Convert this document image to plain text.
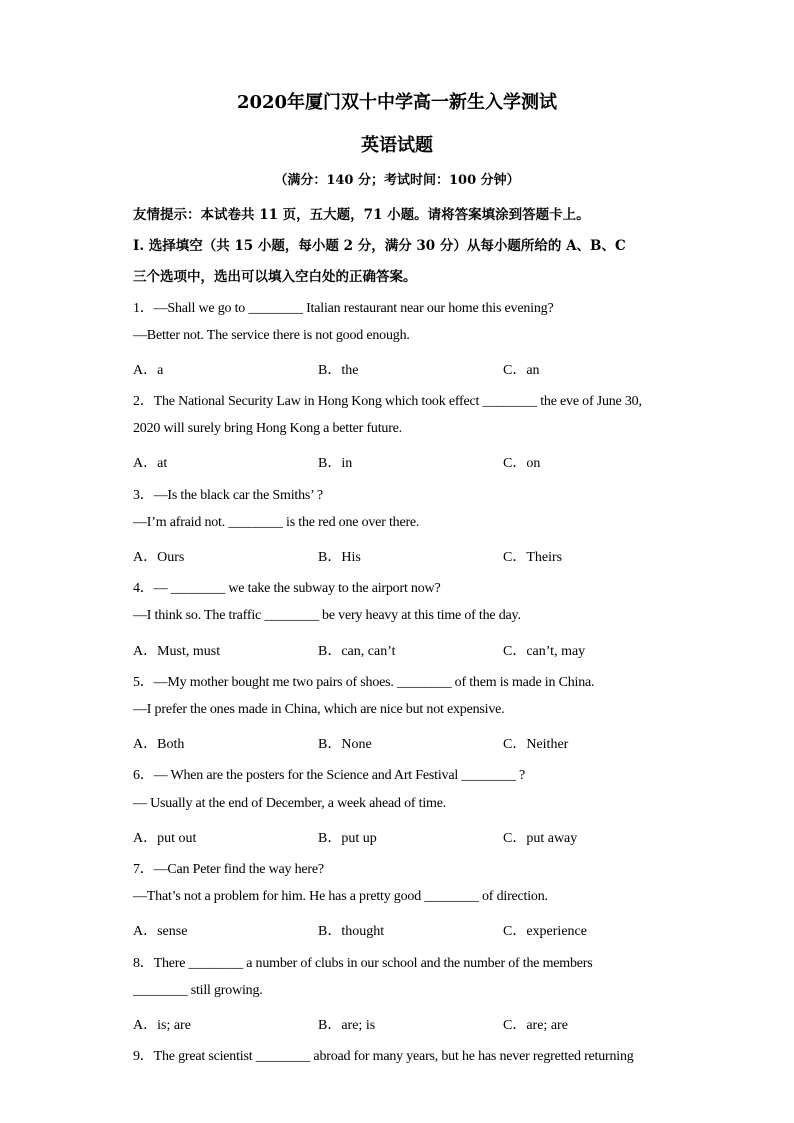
2020年厦门双十中学高一新生入学测试
英语试题
（满分：140 分；考试时间：100 分钟）
友情提示：本试卷共 11 页，五大题，71 小题。请将答案填涂到答题卡上。
I. 选择填空（共 15 小题，每小题 2 分，满分 30 分）从每小题所给的 A、B、C
三个选项中，选出可以填入空白处的正确答案。
1．—Shall we go to ________ Italian restaurant near our home this evening?
—Better not. The service there is not good enough.
A．a	B．the	C．an
2．The National Security Law in Hong Kong which took effect ________ the eve of June 30,
2020 will surely bring Hong Kong a better future.
A．at	B．in	C．on
3．—Is the black car the Smiths’ ?
—I’m afraid not. ________ is the red one over there.
A．Ours	B．His	C．Theirs
4．— ________ we take the subway to the airport now?
—I think so. The traffic ________ be very heavy at this time of the day.
A．Must, must	B．can, can’t	C．can’t, may
5．—My mother bought me two pairs of shoes. ________ of them is made in China.
—I prefer the ones made in China, which are nice but not expensive.
A．Both	B．None	C．Neither
6．— When are the posters for the Science and Art Festival ________ ?
— Usually at the end of December, a week ahead of time.
A．put out	B．put up	C．put away
7．—Can Peter find the way here?
—That’s not a problem for him. He has a pretty good ________ of direction.
A．sense	B．thought	C．experience
8．There ________ a number of clubs in our school and the number of the members
________ still growing.
A．is; are	B．are; is	C．are; are
9．The great scientist ________ abroad for many years, but he has never regretted returning
